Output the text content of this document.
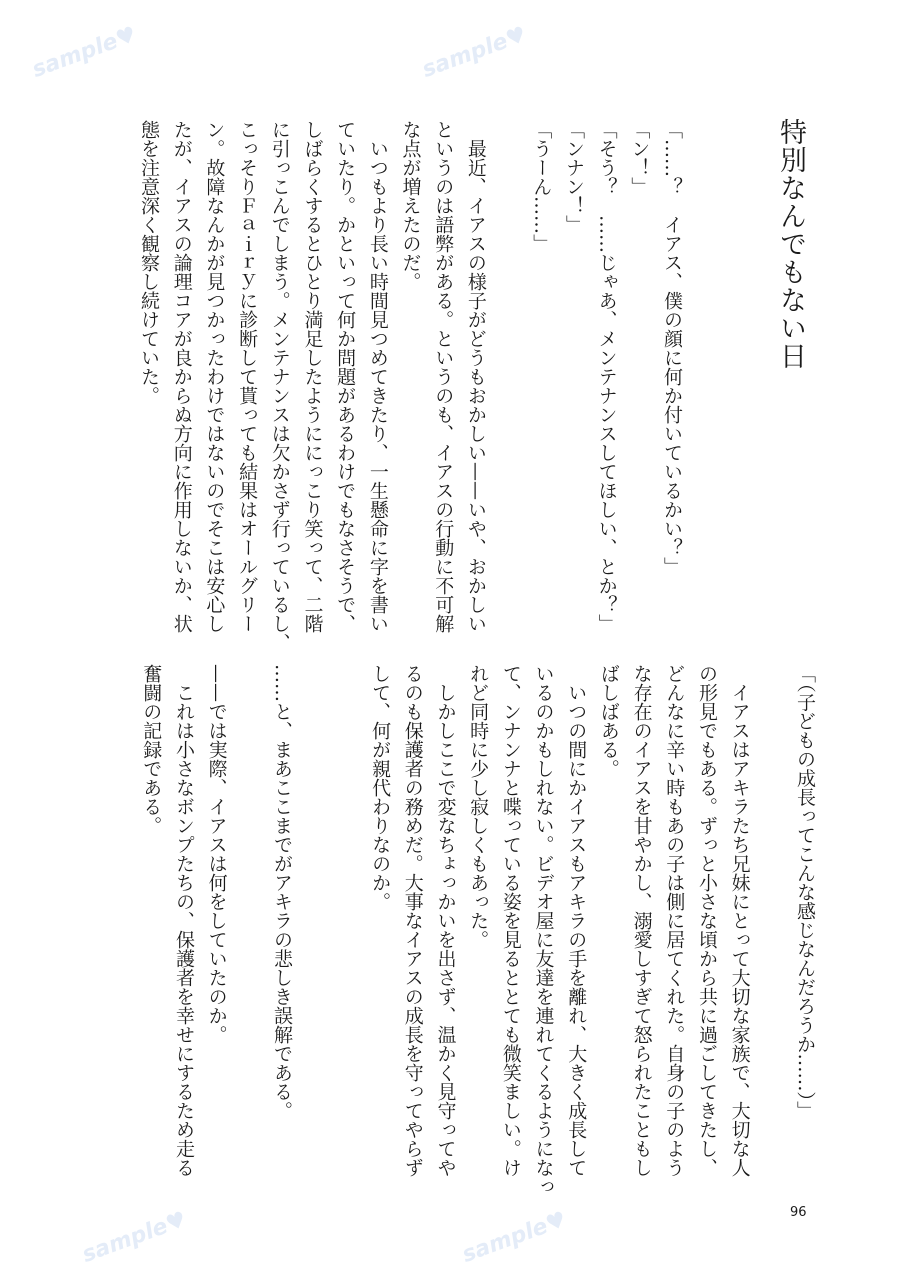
sample♥	sample♥
sample♥	sample♥
特別なんでもない日
「……？　イアス、僕の顔に何か付いているかい？」
「ン！」
「そう？　……じゃあ、メンテナンスしてほしい、とか？」
「ンナン！」
「うーん……」

　最近、イアスの様子がどうもおかしい——いや、おかしい
というのは語弊がある。というのも、イアスの行動に不可解
な点が増えたのだ。
　いつもより長い時間見つめてきたり、一生懸命に字を書い
ていたり。かといって何か問題があるわけでもなさそうで、
しばらくするとひとり満足したようににっこり笑って、二階
に引っこんでしまう。メンテナンスは欠かさず行っているし、
こっそりＦａｉｒｙに診断して貰っても結果はオールグリー
ン。故障なんかが見つかったわけではないのでそこは安心し
たが、イアスの論理コアが良からぬ方向に作用しないか、状
態を注意深く観察し続けていた。
「（子どもの成長ってこんな感じなんだろうか……）」

　イアスはアキラたち兄妹にとって大切な家族で、大切な人
の形見でもある。ずっと小さな頃から共に過ごしてきたし、
どんなに辛い時もあの子は側に居てくれた。自身の子のよう
な存在のイアスを甘やかし、溺愛しすぎて怒られたこともし
ばしばある。
　いつの間にかイアスもアキラの手を離れ、大きく成長して
いるのかもしれない。ビデオ屋に友達を連れてくるようになっ
て、ンナンナと喋っている姿を見るととても微笑ましい。け
れど同時に少し寂しくもあった。
　しかしここで変なちょっかいを出さず、温かく見守ってや
るのも保護者の務めだ。大事なイアスの成長を守ってやらず
して、何が親代わりなのか。

……と、まあここまでがアキラの悲しき誤解である。

——では実際、イアスは何をしていたのか。
　これは小さなボンプたちの、保護者を幸せにするため走る
奮闘の記録である。
96
